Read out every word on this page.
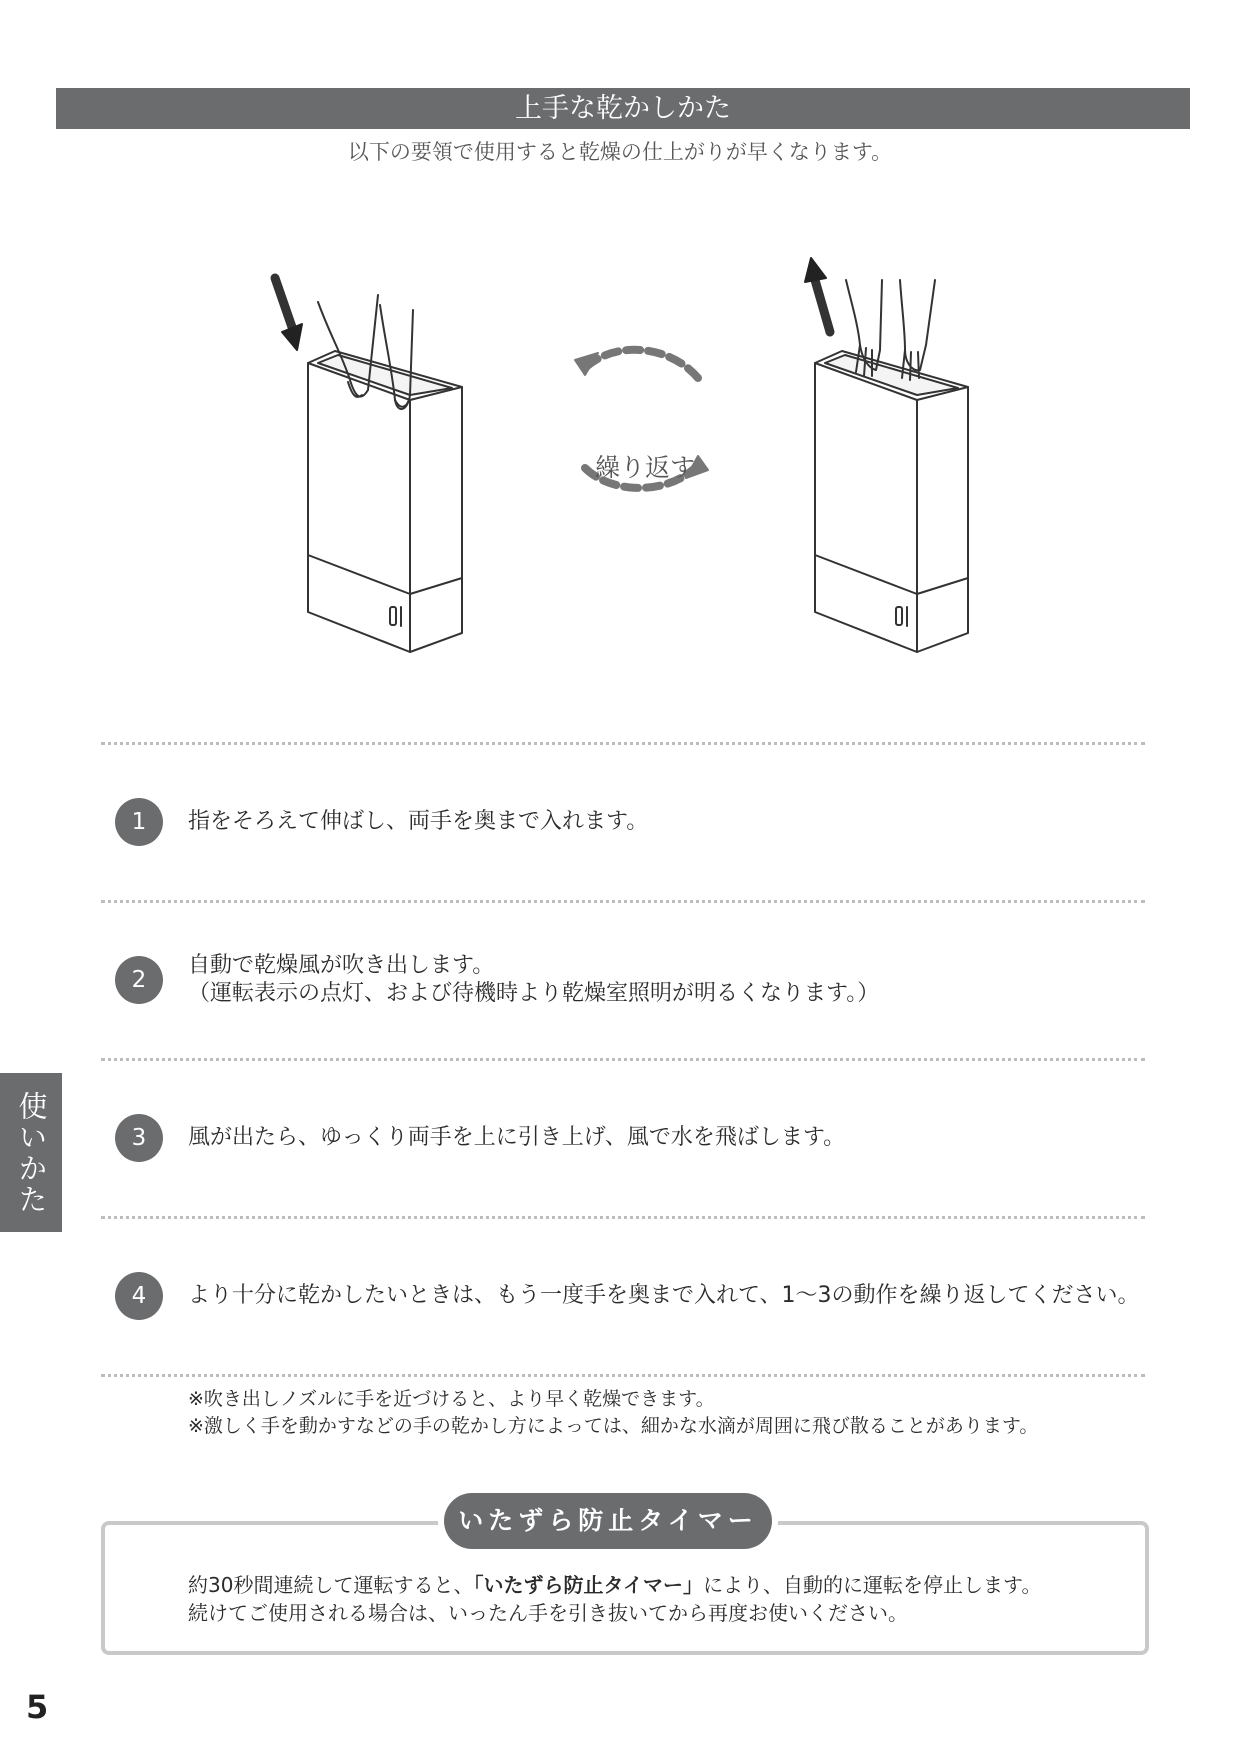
上手な乾かしかた
以下の要領で使用すると乾燥の仕上がりが早くなります。
繰り返す
1	指をそろえて伸ばし、両手を奥まで入れます。
2
自動で乾燥風が吹き出します。
（運転表示の点灯、および待機時より乾燥室照明が明るくなります。）
3	風が出たら、ゆっくり両手を上に引き上げ、風で水を飛ばします。
4	より十分に乾かしたいときは、もう一度手を奥まで入れて、1～3の動作を繰り返してください。
※吹き出しノズルに手を近づけると、より早く乾燥できます。
※激しく手を動かすなどの手の乾かし方によっては、細かな水滴が周囲に飛び散ることがあります。
使いかた
いたずら防止タイマー
約30秒間連続して運転すると、「いたずら防止タイマー」により、自動的に運転を停止します。
続けてご使用される場合は、いったん手を引き抜いてから再度お使いください。
5
